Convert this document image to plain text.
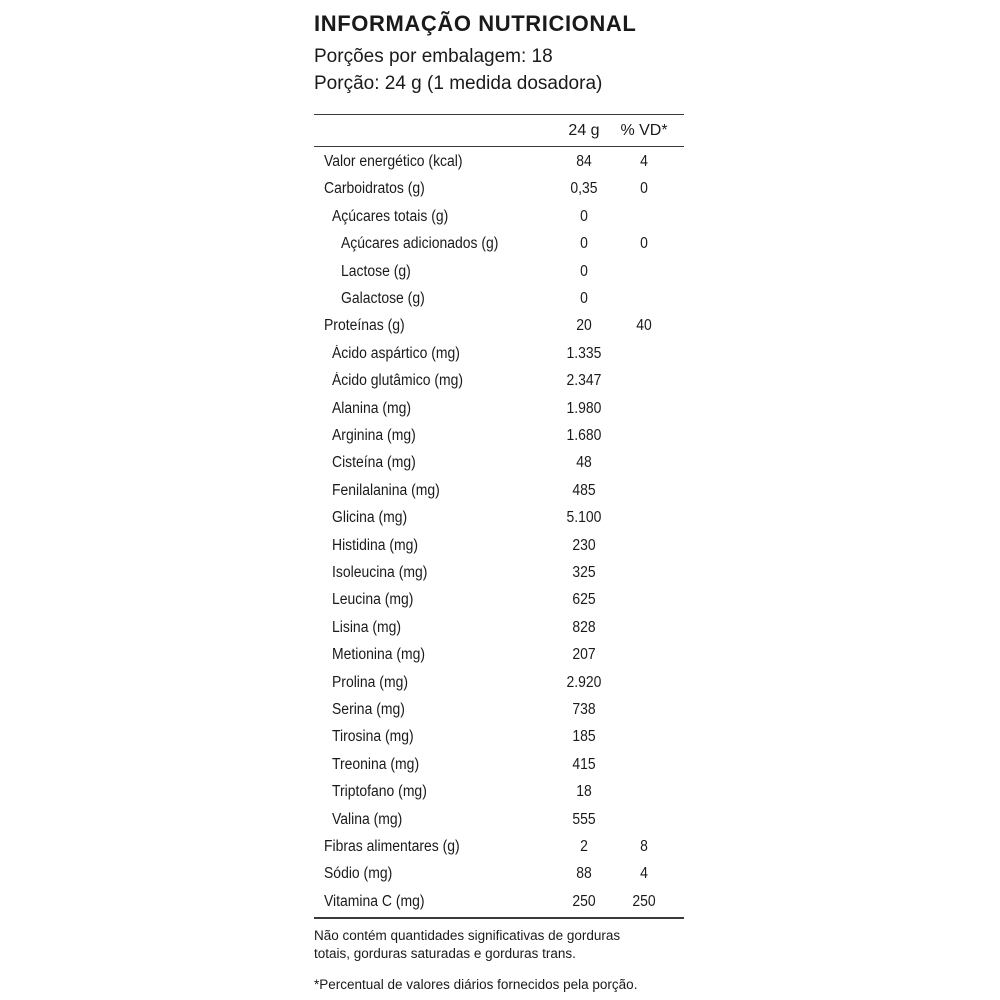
INFORMAÇÃO NUTRICIONAL
Porções por embalagem: 18
Porção: 24 g (1 medida dosadora)
24 g	% VD*
Valor energético (kcal)	84	4
Carboidratos (g)	0,35	0
Açúcares totais (g)	0
Açúcares adicionados (g)	0	0
Lactose (g)	0
Galactose (g)	0
Proteínas (g)	20	40
Ácido aspártico (mg)	1.335
Ácido glutâmico (mg)	2.347
Alanina (mg)	1.980
Arginina (mg)	1.680
Cisteína (mg)	48
Fenilalanina (mg)	485
Glicina (mg)	5.100
Histidina (mg)	230
Isoleucina (mg)	325
Leucina (mg)	625
Lisina (mg)	828
Metionina (mg)	207
Prolina (mg)	2.920
Serina (mg)	738
Tirosina (mg)	185
Treonina (mg)	415
Triptofano (mg)	18
Valina (mg)	555
Fibras alimentares (g)	2	8
Sódio (mg)	88	4
Vitamina C (mg)	250	250
Não contém quantidades significativas de gorduras
totais, gorduras saturadas e gorduras trans.
*Percentual de valores diários fornecidos pela porção.
